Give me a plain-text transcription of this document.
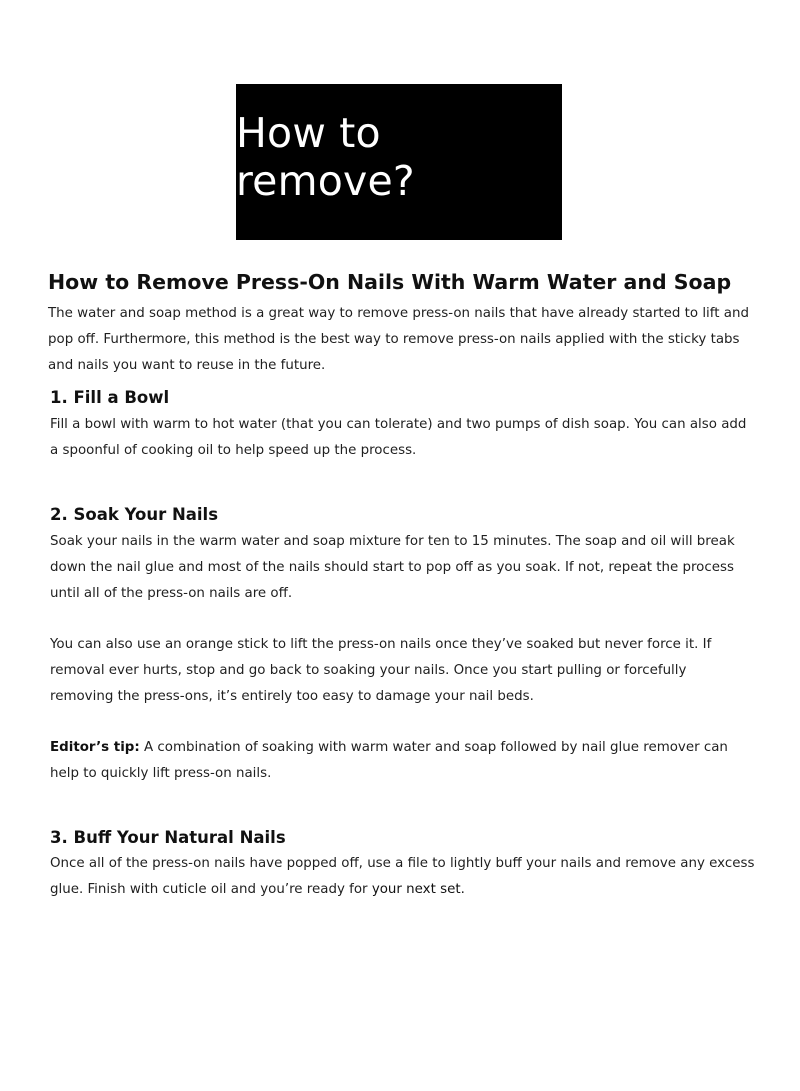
How to remove?
How to Remove Press-On Nails With Warm Water and Soap

The water and soap method is a great way to remove press-on nails that have already started to lift and pop off. Furthermore, this method is the best way to remove press-on nails applied with the sticky tabs and nails you want to reuse in the future.

1. Fill a Bowl

Fill a bowl with warm to hot water (that you can tolerate) and two pumps of dish soap. You can also add a spoonful of cooking oil to help speed up the process.

2. Soak Your Nails

Soak your nails in the warm water and soap mixture for ten to 15 minutes. The soap and oil will break down the nail glue and most of the nails should start to pop off as you soak. If not, repeat the process until all of the press-on nails are off.

You can also use an orange stick to lift the press-on nails once they’ve soaked but never force it. If removal ever hurts, stop and go back to soaking your nails. Once you start pulling or forcefully removing the press-ons, it’s entirely too easy to damage your nail beds.

Editor’s tip: A combination of soaking with warm water and soap followed by nail glue remover can help to quickly lift press-on nails.

3. Buff Your Natural Nails

Once all of the press-on nails have popped off, use a file to lightly buff your nails and remove any excess glue. Finish with cuticle oil and you’re ready for your next set.
